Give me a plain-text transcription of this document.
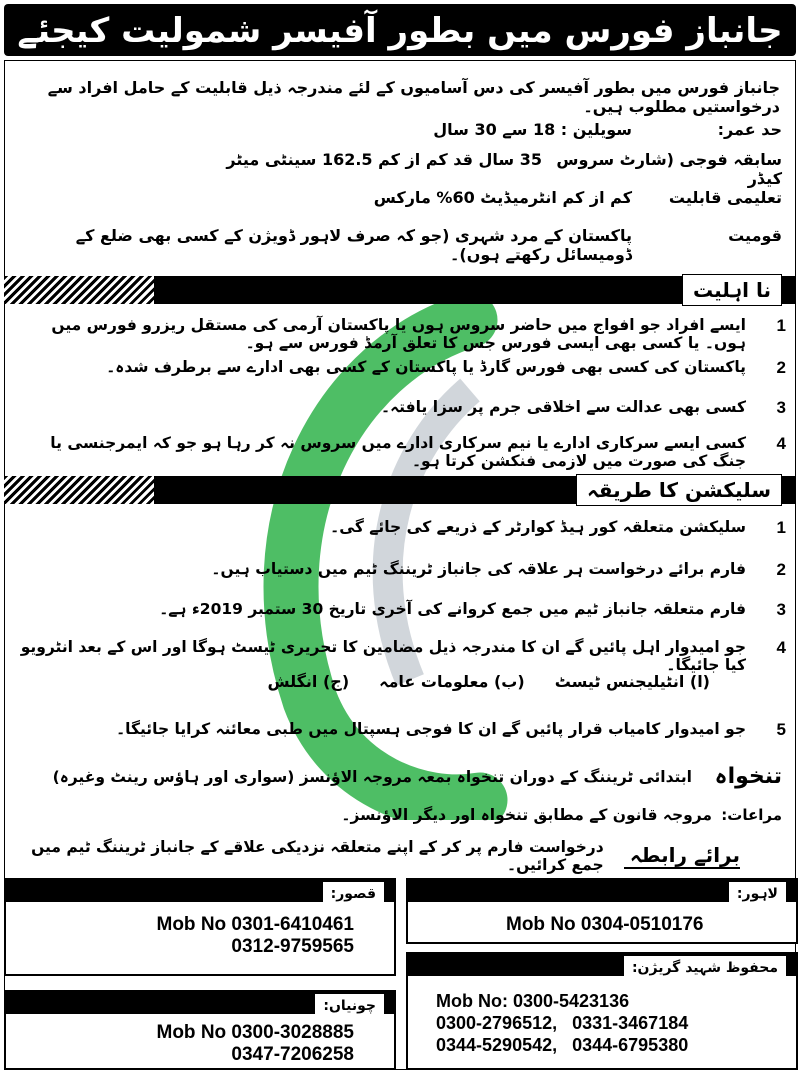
جانباز فورس میں بطور آفیسر شمولیت کیجئے
جانباز فورس میں بطور آفیسر کی دس آسامیوں کے لئے مندرجہ ذیل قابلیت کے حامل افراد سے درخواستیں مطلوب ہیں۔
حد عمر:
سویلین : 18 سے 30 سال
سابقہ فوجی (شارٹ سروس کیڈر
35 سال قد کم از کم 162.5 سینٹی میٹر
تعلیمی قابلیت
کم از کم انٹرمیڈیٹ 60% مارکس
قومیت
پاکستان کے مرد شہری (جو کہ صرف لاہور ڈویژن کے کسی بھی ضلع کے ڈومیسائل رکھتے ہوں)۔
نا اہلیت
1
ایسے افراد جو افواج میں حاضر سروس ہوں یا پاکستان آرمی کی مستقل ریزرو فورس میں ہوں۔ یا کسی بھی ایسی فورس جس کا تعلق آرمڈ فورس سے ہو۔
2
پاکستان کی کسی بھی فورس گارڈ یا پاکستان کے کسی بھی ادارے سے برطرف شدہ۔
3
کسی بھی عدالت سے اخلاقی جرم پر سزا یافتہ۔
4
کسی ایسے سرکاری ادارے یا نیم سرکاری ادارے میں سروس نہ کر رہا ہو جو کہ ایمرجنسی یا جنگ کی صورت میں لازمی فنکشن کرتا ہو۔
سلیکشن کا طریقہ
1
سلیکشن متعلقہ کور ہیڈ کوارٹر کے ذریعے کی جائے گی۔
2
فارم برائے درخواست ہر علاقہ کی جانباز ٹریننگ ٹیم میں دستیاب ہیں۔
3
فارم متعلقہ جانباز ٹیم میں جمع کروانے کی آخری تاریخ 30 ستمبر 2019ء ہے۔
4
جو امیدوار اہل پائیں گے ان کا مندرجہ ذیل مضامین کا تحریری ٹیسٹ ہوگا اور اس کے بعد انٹرویو کیا جائیگا۔
(ا) انٹیلیجنس ٹیسٹ
(ب) معلومات عامہ
(ج) انگلش
5
جو امیدوار کامیاب قرار پائیں گے ان کا فوجی ہسپتال میں طبی معائنہ کرایا جائیگا۔
تنخواہ
ابتدائی ٹریننگ کے دوران تنخواہ بمعہ مروجہ الاؤنسز (سواری اور ہاؤس رینٹ وغیرہ)
مراعات:
مروجہ قانون کے مطابق تنخواہ اور دیگر الاؤنسز۔
برائے رابطہ
درخواست فارم پر کر کے اپنے متعلقہ نزدیکی علاقے کے جانباز ٹریننگ ٹیم میں جمع کرائیں۔
قصور:
Mob No 0301-6410461
0312-9759565
لاہور:
Mob No 0304-0510176
چونیاں:
Mob No 0300-3028885
0347-7206258
محفوظ شہید گریژن:
Mob No: 0300-5423136
0300-2796512,   0331-3467184
0344-5290542,   0344-6795380
